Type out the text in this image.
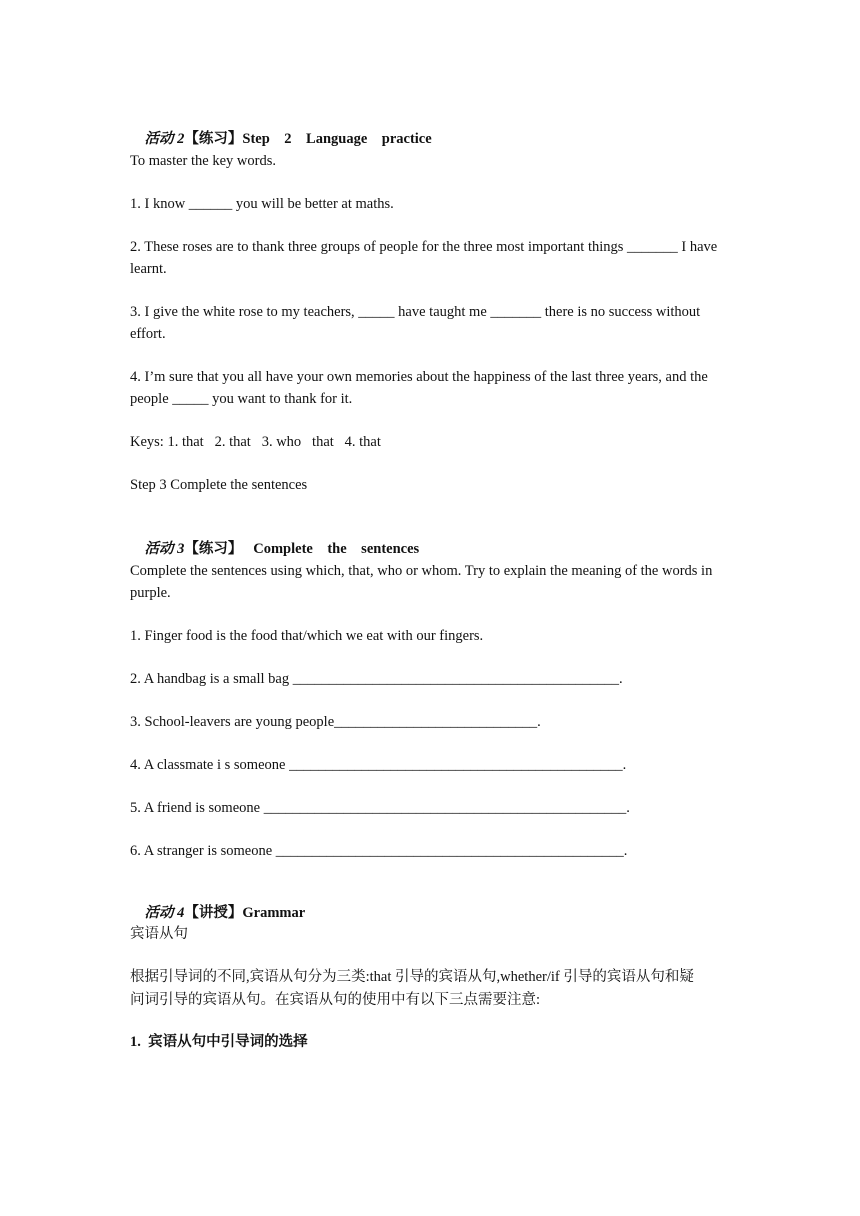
活动 2【练习】Step    2    Language    practice

To master the key words.
1. I know ______ you will be better at maths.
2. These roses are to thank three groups of people for the three most important things _______ I have learnt.
3. I give the white rose to my teachers, _____ have taught me _______ there is no success without effort.
4. I’m sure that you all have your own memories about the happiness of the last three years, and the people _____ you want to thank for it.
Keys: 1. that   2. that   3. who   that   4. that
Step 3 Complete the sentences

活动 3【练习】   Complete    the    sentences

Complete the sentences using which, that, who or whom. Try to explain the meaning of the words in purple.
1. Finger food is the food that/which we eat with our fingers.
2. A handbag is a small bag _____________________________________________.
3. School-leavers are young people____________________________.
4. A classmate i s someone ______________________________________________.
5. A friend is someone __________________________________________________.
6. A stranger is someone ________________________________________________.

活动 4【讲授】Grammar

宾语从句
根据引导词的不同,宾语从句分为三类:that 引导的宾语从句,whether/if 引导的宾语从句和疑
问词引导的宾语从句。在宾语从句的使用中有以下三点需要注意:
1.  宾语从句中引导词的选择
